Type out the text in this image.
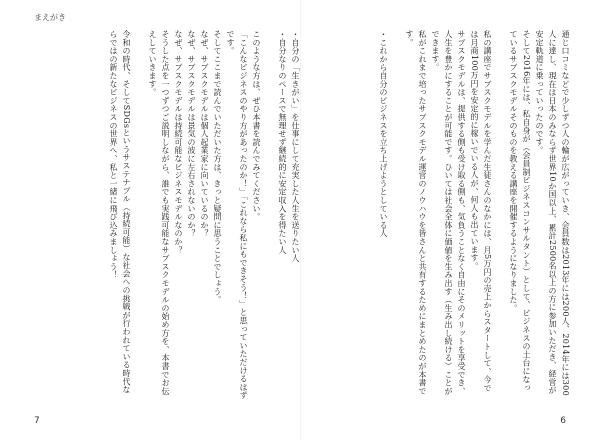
まえがき

・自分の「生きがい」を仕事にして充実した人生を送りたい人

・自分なりのペースで無理せず継続的に安定収入を得たい人

このような方は、ぜひ本書を読んでみてください。

「こんなビジネスのやり方があったのか！」「これなら私にもできそう！」と思っていただけるはずです。

そしてここまで読んでいただいた方は、きっと疑問に思うことでしょう。

なぜ、サブスクモデルは個人起業家に向いているのか？

なぜ、サブスクモデルは景気の波に左右されないのか？

なぜ、サブスクモデルは持続可能なビジネスモデルなのか？

そうした点を一つずつご説明しながら、誰でも実践可能なサブスクモデルの始め方を、本書でお伝えしていきます。

令和の時代、そしてSDGsというサステナブル（持続可能）な社会への挑戦が行われている時代ならではの新たなビジネスの世界へ、私と一緒に飛び込みましょう！	通じ口コミなどで少しずつ人の輪が広がっていき、会員数は2013年には200人、2014年には300人に達し、現在は日本のみならず世界10か国以上、累計2500名以上の方に参加いただき、経営が安定軌道に乗っていったのです。

そして2016年には、私自身が（会員制ビジネスコンサルタント）として、ビジネスの土台になっているサブスクモデルそのものを教える講座を開催するようになりました。

私の講座でサブスクモデルを学んだ生徒さんのなかには、月5万円の売上からスタートして、今では月商100万円を安定的に稼いでいる人が、何人も出ています。

サブスクモデルは、提供する側も受け取る側も、気負うことなく自由にそのメリットを享受でき、人生を豊かにすることが可能です。ひいては社会全体に価値を生み出す（生み出し続ける）ことができます。

私がこれまで培ったサブスクモデル運営のノウハウを皆さんと共有するためにまとめたのが本書です。

・これから自分のビジネスを立ち上げようとしている人

7	6
